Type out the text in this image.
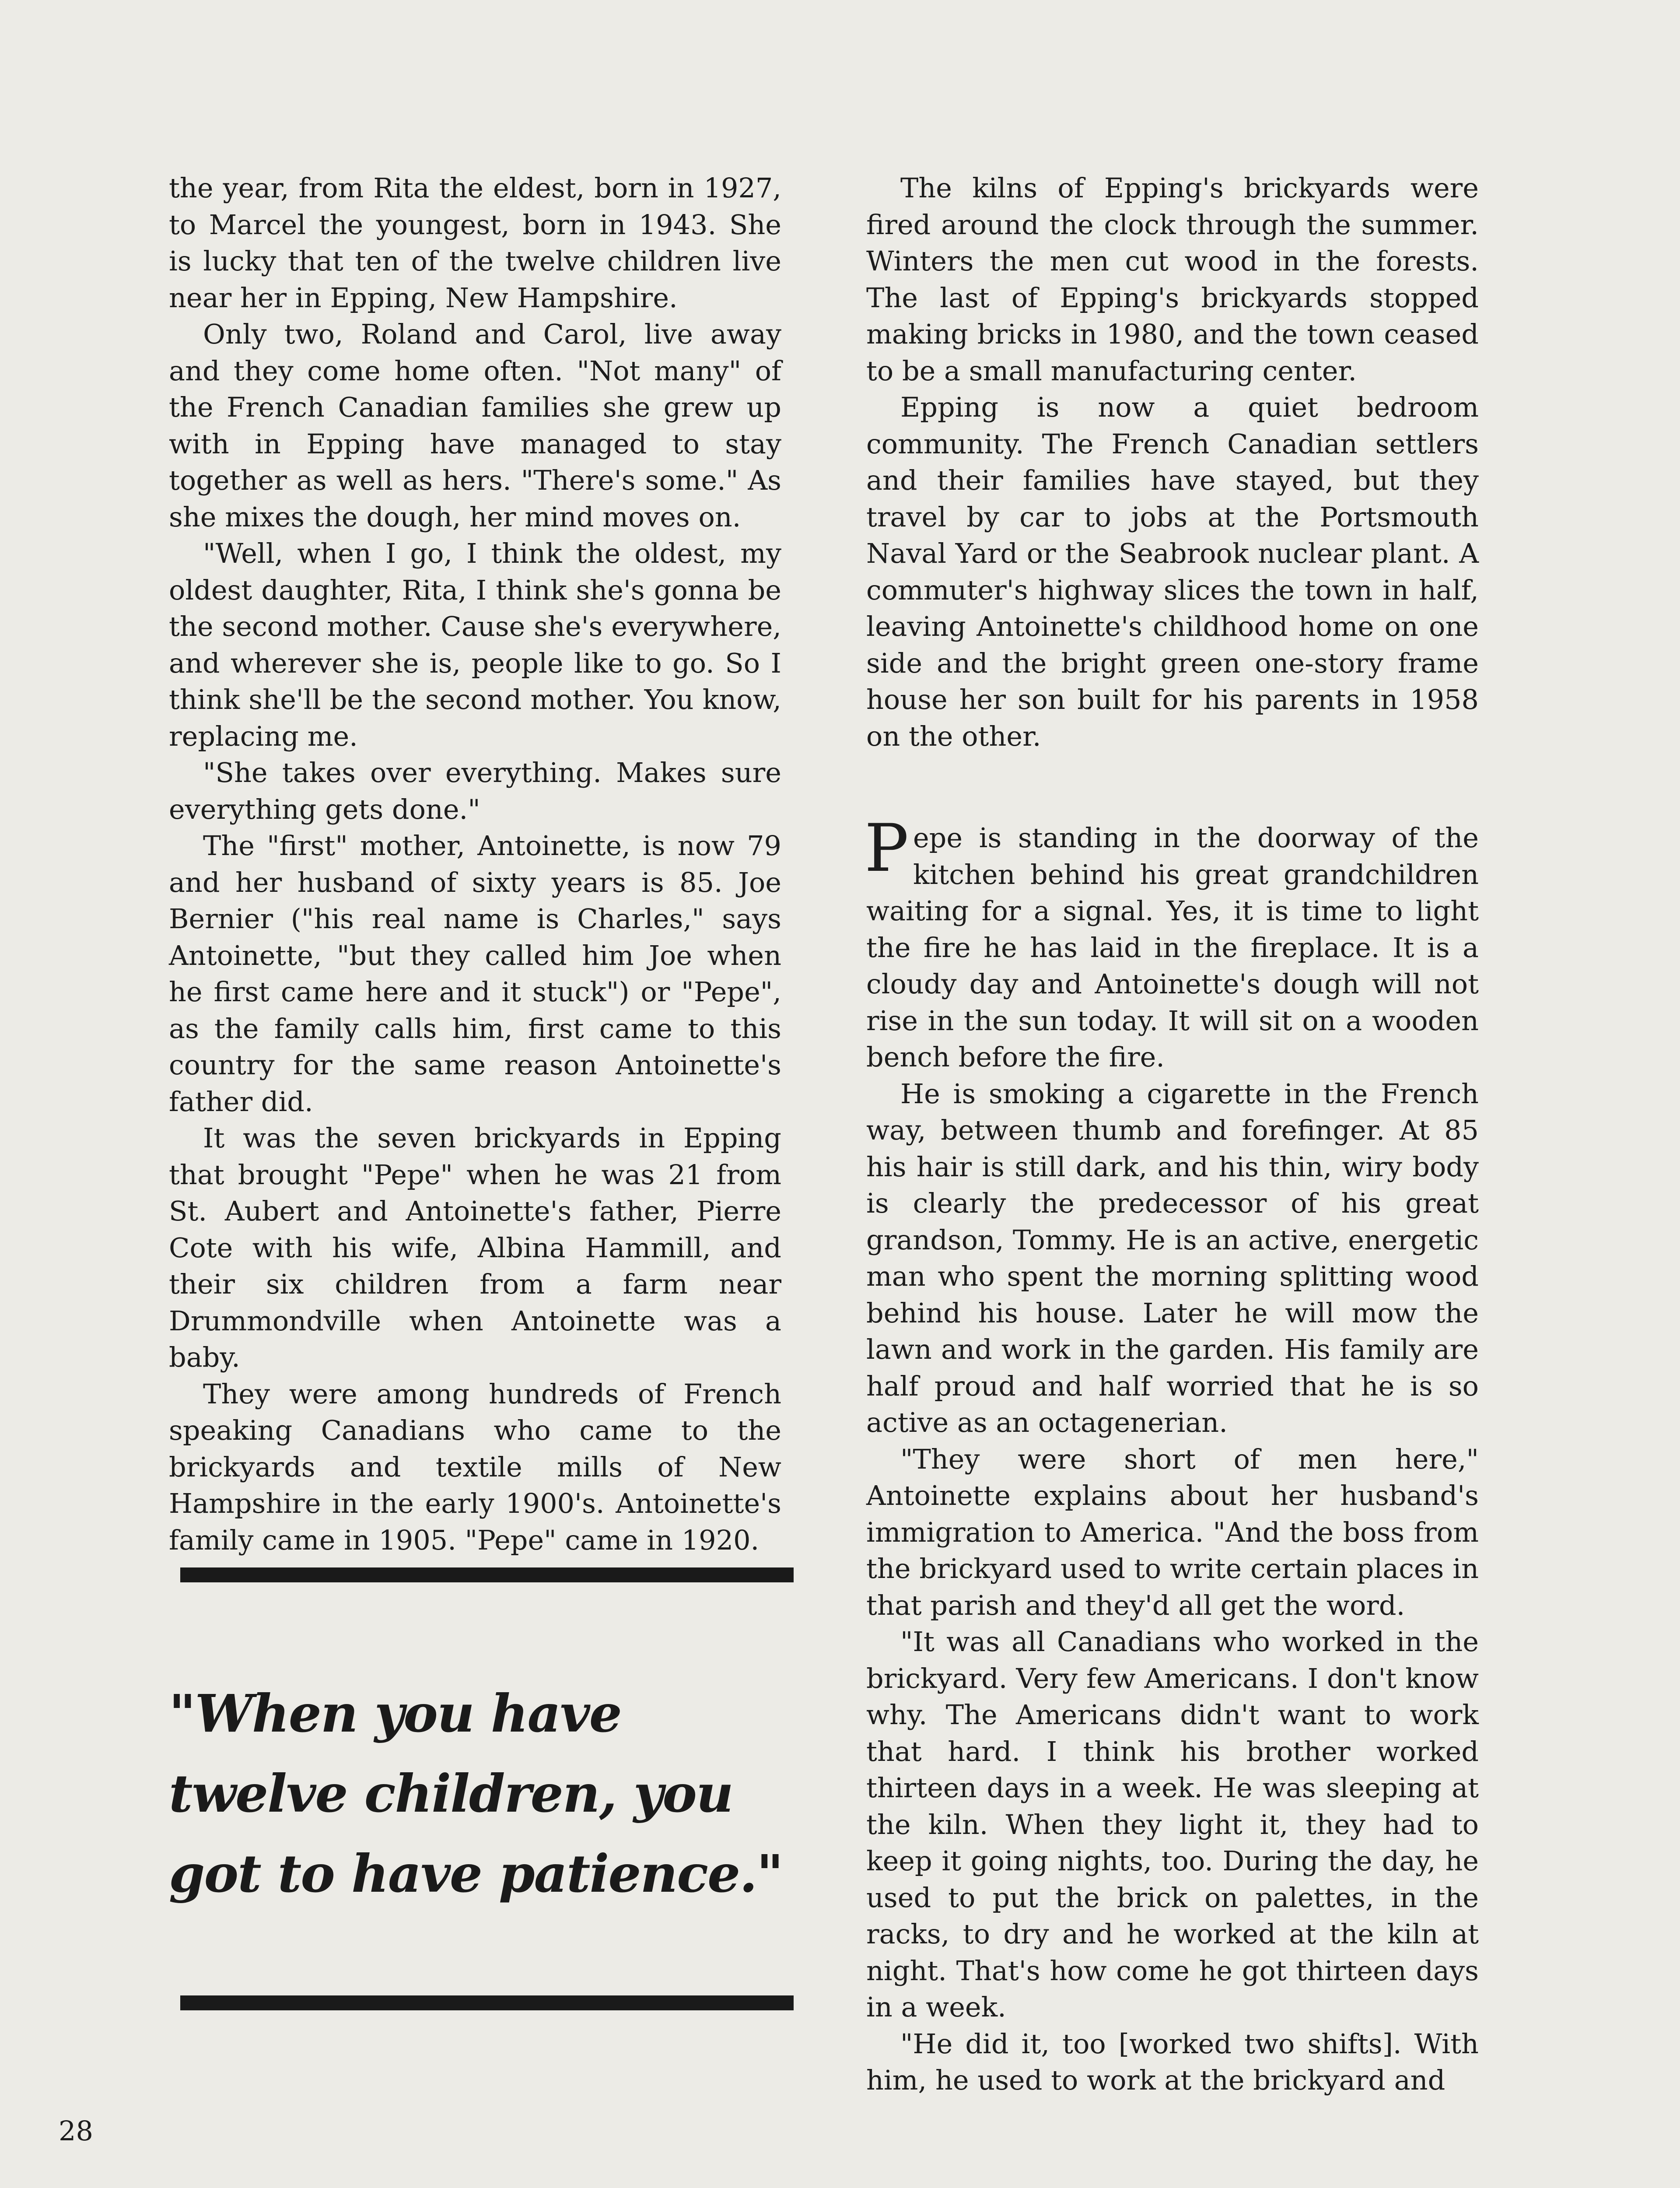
the year, from Rita the eldest, born in 1927, to Marcel the youngest, born in 1943. She is lucky that ten of the twelve children live near her in Epping, New Hampshire.

Only two, Roland and Carol, live away and they come home often. "Not many" of the French Canadian families she grew up with in Epping have managed to stay together as well as hers. "There's some." As she mixes the dough, her mind moves on.

"Well, when I go, I think the oldest, my oldest daughter, Rita, I think she's gonna be the second mother. Cause she's everywhere, and wherever she is, people like to go. So I think she'll be the second mother. You know, replacing me.

"She takes over everything. Makes sure everything gets done."

The "first" mother, Antoinette, is now 79 and her husband of sixty years is 85. Joe Bernier ("his real name is Charles," says Antoinette, "but they called him Joe when he first came here and it stuck") or "Pepe", as the family calls him, first came to this country for the same reason Antoinette's father did.

It was the seven brickyards in Epping that brought "Pepe" when he was 21 from St. Aubert and Antoinette's father, Pierre Cote with his wife, Albina Hammill, and their six children from a farm near Drummondville when Antoinette was a baby.

They were among hundreds of French speaking Canadians who came to the brickyards and textile mills of New Hampshire in the early 1900's. Antoinette's family came in 1905. "Pepe" came in 1920.

"When you have
twelve children, you
got to have patience."

The kilns of Epping's brickyards were fired around the clock through the summer. Winters the men cut wood in the forests. The last of Epping's brickyards stopped making bricks in 1980, and the town ceased to be a small manufacturing center.

Epping is now a quiet bedroom community. The French Canadian settlers and their families have stayed, but they travel by car to jobs at the Portsmouth Naval Yard or the Seabrook nuclear plant. A commuter's highway slices the town in half, leaving Antoinette's childhood home on one side and the bright green one-story frame house her son built for his parents in 1958 on the other.

Pepe is standing in the doorway of the kitchen behind his great grandchildren waiting for a signal. Yes, it is time to light the fire he has laid in the fireplace. It is a cloudy day and Antoinette's dough will not rise in the sun today. It will sit on a wooden bench before the fire.

He is smoking a cigarette in the French way, between thumb and forefinger. At 85 his hair is still dark, and his thin, wiry body is clearly the predecessor of his great grandson, Tommy. He is an active, energetic man who spent the morning splitting wood behind his house. Later he will mow the lawn and work in the garden. His family are half proud and half worried that he is so active as an octagenerian.

"They were short of men here," Antoinette explains about her husband's immigration to America. "And the boss from the brickyard used to write certain places in that parish and they'd all get the word.

"It was all Canadians who worked in the brickyard. Very few Americans. I don't know why. The Americans didn't want to work that hard. I think his brother worked thirteen days in a week. He was sleeping at the kiln. When they light it, they had to keep it going nights, too. During the day, he used to put the brick on palettes, in the racks, to dry and he worked at the kiln at night. That's how come he got thirteen days in a week.

"He did it, too [worked two shifts]. With him, he used to work at the brickyard and

28
